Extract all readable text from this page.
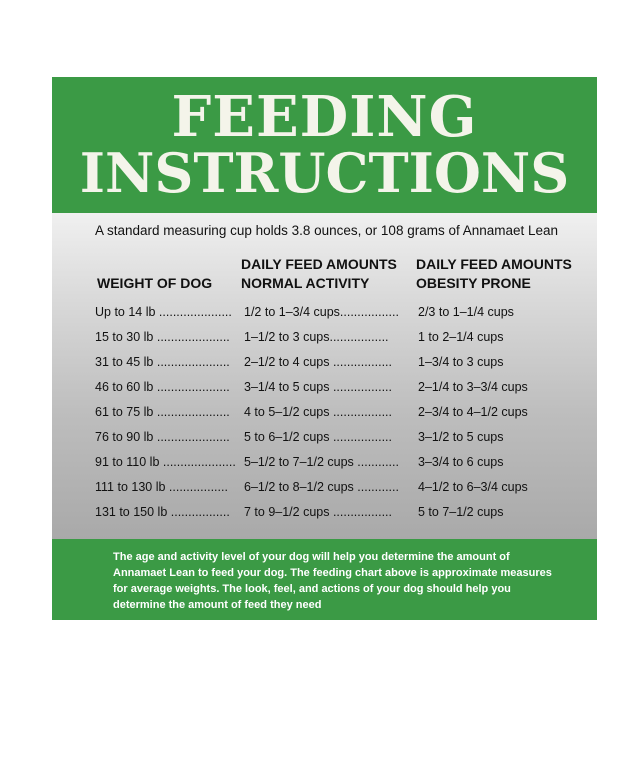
FEEDING
INSTRUCTIONS
A standard measuring cup holds 3.8 ounces, or 108 grams of Annamaet Lean
WEIGHT OF DOG
DAILY FEED AMOUNTS
NORMAL ACTIVITY
DAILY FEED AMOUNTS
OBESITY PRONE
Up to 14 lb ..................... 1/2 to 1–3/4 cups.................	2/3 to 1–1/4 cups
15 to 30 lb .....................	1–1/2 to 3 cups.................	1 to 2–1/4 cups
31 to 45 lb .....................	2–1/2 to 4 cups .................	1–3/4 to 3 cups
46 to 60 lb .....................	3–1/4 to 5 cups .................	2–1/4 to 3–3/4 cups
61 to 75 lb .....................	4 to 5–1/2 cups .................	2–3/4 to 4–1/2 cups
76 to 90 lb .....................	5 to 6–1/2 cups .................	3–1/2 to 5 cups
91 to 110 lb ..................... 5–1/2 to 7–1/2 cups ............	3–3/4 to 6 cups
111 to 130 lb .................	6–1/2 to 8–1/2 cups ............	4–1/2 to 6–3/4 cups
131 to 150 lb .................	7 to 9–1/2 cups .................	5 to 7–1/2 cups
The age and activity level of your dog will help you determine the amount of
Annamaet Lean to feed your dog. The feeding chart above is approximate measures
for average weights. The look, feel, and actions of your dog should help you
determine the amount of feed they need
